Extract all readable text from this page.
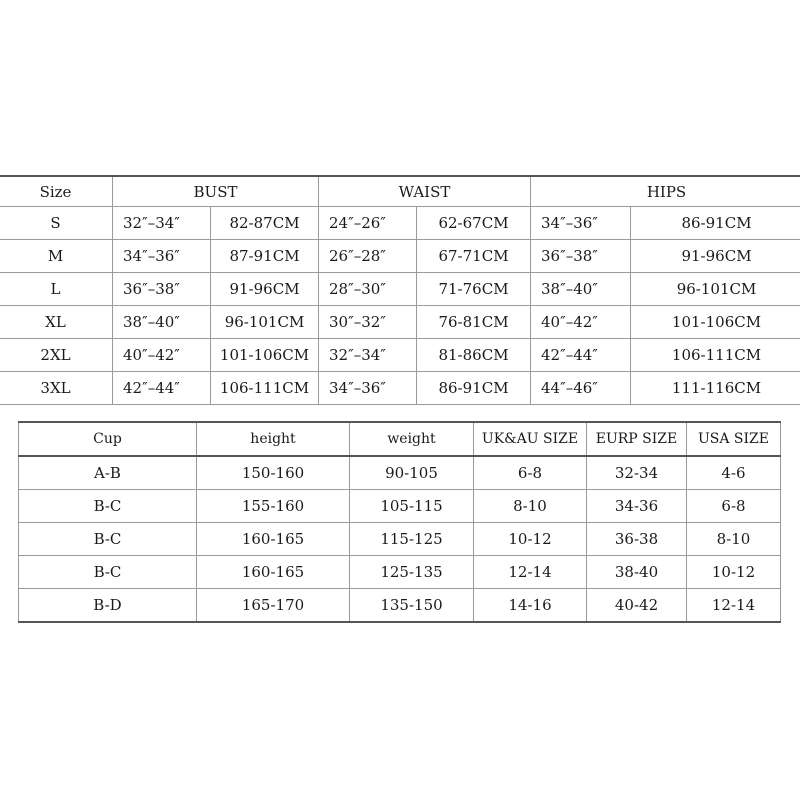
Size	BUST		WAIST		HIPS	
S	32″–34″	82-87CM	24″–26″	62-67CM	34″–36″	86-91CM
M	34″–36″	87-91CM	26″–28″	67-71CM	36″–38″	91-96CM
L	36″–38″	91-96CM	28″–30″	71-76CM	38″–40″	96-101CM
XL	38″–40″	96-101CM	30″–32″	76-81CM	40″–42″	101-106CM
2XL	40″–42″	101-106CM	32″–34″	81-86CM	42″–44″	106-111CM
3XL	42″–44″	106-111CM	34″–36″	86-91CM	44″–46″	111-116CM
Cup	height	weight	UK&AU SIZE	EURP SIZE	USA SIZE
A-B	150-160	90-105	6-8	32-34	4-6
B-C	155-160	105-115	8-10	34-36	6-8
B-C	160-165	115-125	10-12	36-38	8-10
B-C	160-165	125-135	12-14	38-40	10-12
B-D	165-170	135-150	14-16	40-42	12-14
